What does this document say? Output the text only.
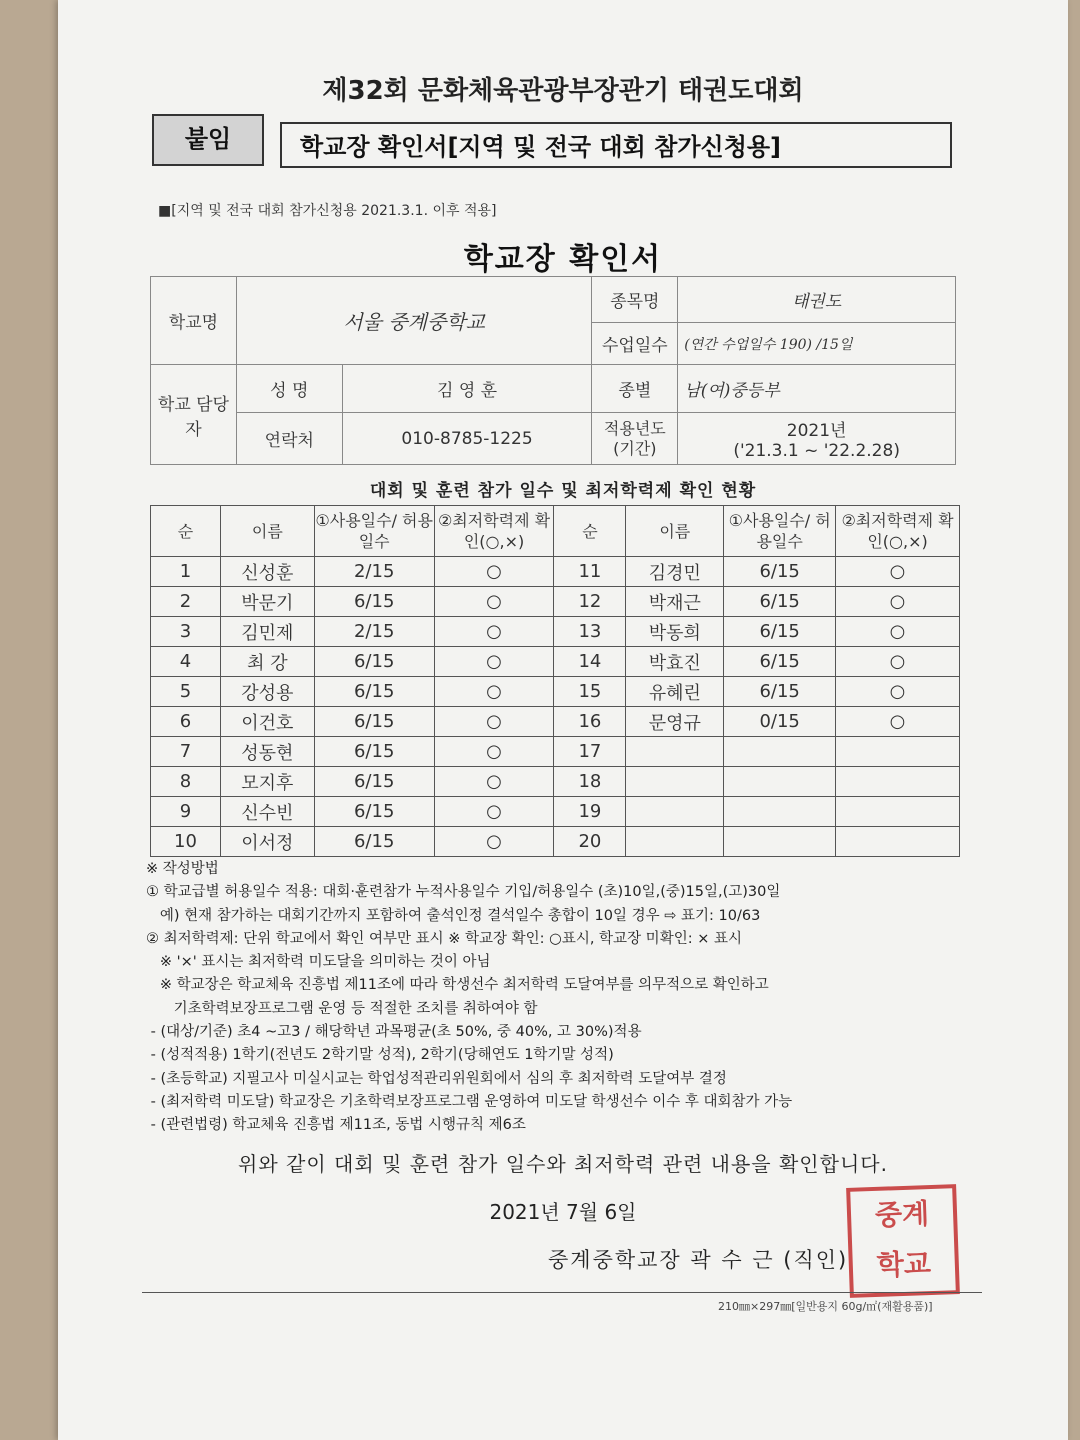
제32회 문화체육관광부장관기 태권도대회
붙임	학교장 확인서[지역 및 전국 대회 참가신청용]
■[지역 및 전국 대회 참가신청용 2021.3.1. 이후 적용]
학교장 확인서
학교명	서울 중계중학교		종목명	태권도
			수업일수	(연간 수업일수 190) /15일
학교 담당자	성 명	김 영 훈	종별	남(여)중등부
	연락처	010-8785-1225	적용년도 (기간)	2021년
('21.3.1 ~ '22.2.28)
대회 및 훈련 참가 일수 및 최저학력제 확인 현황
순	이름	①사용일수/ 허용일수	②최저학력제 확인(○,×)	순	이름	①사용일수/ 허용일수	②최저학력제 확인(○,×)
1	신성훈	2/15	○	11	김경민	6/15	○
2	박문기	6/15	○	12	박재근	6/15	○
3	김민제	2/15	○	13	박동희	6/15	○
4	최 강	6/15	○	14	박효진	6/15	○
5	강성용	6/15	○	15	유혜린	6/15	○
6	이건호	6/15	○	16	문영규	0/15	○
7	성동현	6/15	○	17			
8	모지후	6/15	○	18			
9	신수빈	6/15	○	19			
10	이서정	6/15	○	20			
※ 작성방법
① 학교급별 허용일수 적용: 대회·훈련참가 누적사용일수 기입/허용일수 (초)10일,(중)15일,(고)30일
예) 현재 참가하는 대회기간까지 포함하여 출석인정 결석일수 총합이 10일 경우 ⇨ 표기: 10/63
② 최저학력제: 단위 학교에서 확인 여부만 표시 ※ 학교장 확인: ○표시, 학교장 미확인: × 표시
※ '×' 표시는 최저학력 미도달을 의미하는 것이 아님
※ 학교장은 학교체육 진흥법 제11조에 따라 학생선수 최저학력 도달여부를 의무적으로 확인하고
기초학력보장프로그램 운영 등 적절한 조치를 취하여야 함
- (대상/기준) 초4 ~고3 / 해당학년 과목평균(초 50%, 중 40%, 고 30%)적용
- (성적적용) 1학기(전년도 2학기말 성적), 2학기(당해연도 1학기말 성적)
- (초등학교) 지필고사 미실시교는 학업성적관리위원회에서 심의 후 최저학력 도달여부 결정
- (최저학력 미도달) 학교장은 기초학력보장프로그램 운영하여 미도달 학생선수 이수 후 대회참가 가능
- (관련법령) 학교체육 진흥법 제11조, 동법 시행규칙 제6조
위와 같이 대회 및 훈련 참가 일수와 최저학력 관련 내용을 확인합니다.
2021년 7월 6일
중계중학교장 곽 수 근 (직인)
중계
학교
210㎜×297㎜[일반용지 60g/㎡(재활용품)]
